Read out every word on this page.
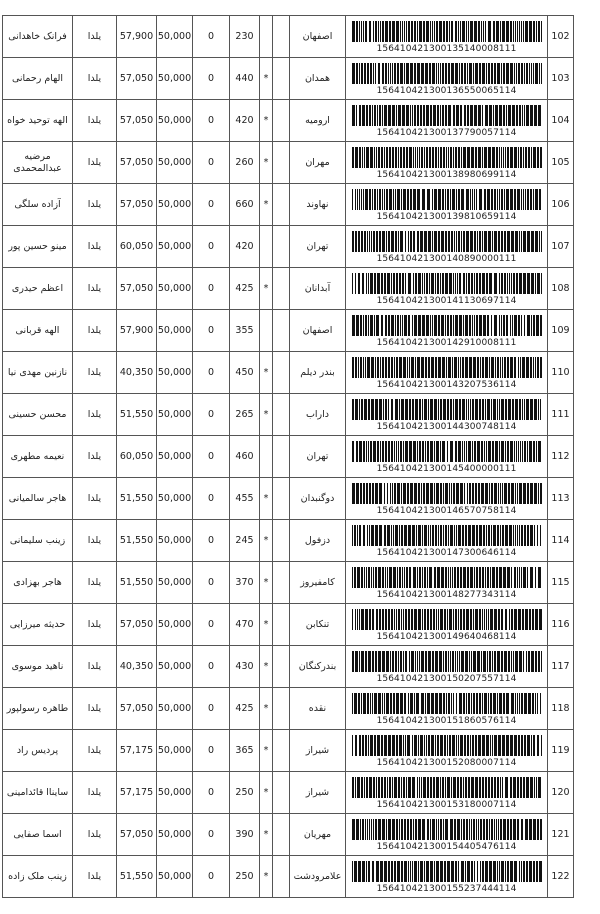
فرانک خاهدانی	یلدا	57,900	50,000	0	230			اصفهان	156410421300135140008111	102
الهام رحمانی	یلدا	57,050	50,000	0	440	*		همدان	156410421300136550065114	103
الهه توحید خواه	یلدا	57,050	50,000	0	420	*		ارومیه	156410421300137790057114	104
مرضیه عبدالمحمدی	یلدا	57,050	50,000	0	260	*		مهران	156410421300138980699114	105
آزاده سلگی	یلدا	57,050	50,000	0	660	*		نهاوند	156410421300139810659114	106
مینو حسین پور	یلدا	60,050	50,000	0	420			تهران	156410421300140890000111	107
اعظم حیدری	یلدا	57,050	50,000	0	425	*		آبدانان	156410421300141130697114	108
الهه قربانی	یلدا	57,900	50,000	0	355			اصفهان	156410421300142910008111	109
نازنین مهدی نیا	یلدا	40,350	50,000	0	450	*		بندر دیلم	156410421300143207536114	110
محسن حسینی	یلدا	51,550	50,000	0	265	*		داراب	156410421300144300748114	111
نعیمه مطهری	یلدا	60,050	50,000	0	460			تهران	156410421300145400000111	112
هاجر سالمیانی	یلدا	51,550	50,000	0	455	*		دوگنبدان	156410421300146570758114	113
زینب سلیمانی	یلدا	51,550	50,000	0	245	*		دزفول	156410421300147300646114	114
هاجر بهزادی	یلدا	51,550	50,000	0	370	*		کامفیروز	156410421300148277343114	115
حدیثه میرزایی	یلدا	57,050	50,000	0	470	*		تنکابن	156410421300149640468114	116
ناهید موسوی	یلدا	40,350	50,000	0	430	*		بندرکنگان	156410421300150207557114	117
طاهره رسولپور	یلدا	57,050	50,000	0	425	*		نقده	156410421300151860576114	118
پردیس راد	یلدا	57,175	50,000	0	365	*		شیراز	156410421300152080007114	119
سایناا قائدامینی	یلدا	57,175	50,000	0	250	*		شیراز	156410421300153180007114	120
اسما صفایی	یلدا	57,050	50,000	0	390	*		مهریان	156410421300154405476114	121
زینب ملک زاده	یلدا	51,550	50,000	0	250	*		علامرودشت	156410421300155237444114	122
